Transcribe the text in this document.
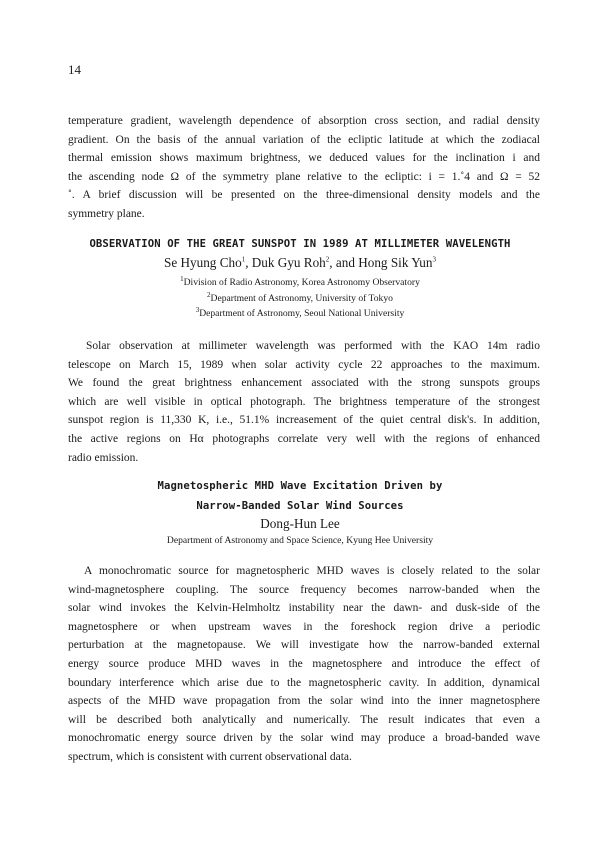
14
temperature gradient, wavelength dependence of absorption cross section, and radial density
gradient. On the basis of the annual variation of the ecliptic latitude at which the zodiacal
thermal emission shows maximum brightness, we deduced values for the inclination i and
the ascending node Ω of the symmetry plane relative to the ecliptic: i = 1.˚4 and Ω = 52
˚. A brief discussion will be presented on the three-dimensional density models and the
symmetry plane.
OBSERVATION OF THE GREAT SUNSPOT IN 1989 AT MILLIMETER WAVELENGTH
Se Hyung Cho$^1$, Duk Gyu Roh$^2$, and Hong Sik Yun$^3$
$^1$Division of Radio Astronomy, Korea Astronomy Observatory
$^2$Department of Astronomy, University of Tokyo
$^3$Department of Astronomy, Seoul National University
Solar observation at millimeter wavelength was performed with the KAO 14m radio
telescope on March 15, 1989 when solar activity cycle 22 approaches to the maximum.
We found the great brightness enhancement associated with the strong sunspots groups
which are well visible in optical photograph. The brightness temperature of the strongest
sunspot region is 11,330 K, i.e., 51.1% increasement of the quiet central disk's. In addition,
the active regions on Hα photographs correlate very well with the regions of enhanced
radio emission.
Magnetospheric MHD Wave Excitation Driven by
Narrow-Banded Solar Wind Sources
Dong-Hun Lee
Department of Astronomy and Space Science, Kyung Hee University
A monochromatic source for magnetospheric MHD waves is closely related to the solar
wind-magnetosphere coupling. The source frequency becomes narrow-banded when the
solar wind invokes the Kelvin-Helmholtz instability near the dawn- and dusk-side of the
magnetosphere or when upstream waves in the foreshock region drive a periodic
perturbation at the magnetopause. We will investigate how the narrow-banded external
energy source produce MHD waves in the magnetosphere and introduce the effect of
boundary interference which arise due to the magnetospheric cavity. In addition, dynamical
aspects of the MHD wave propagation from the solar wind into the inner magnetosphere
will be described both analytically and numerically. The result indicates that even a
monochromatic energy source driven by the solar wind may produce a broad-banded wave
spectrum, which is consistent with current observational data.
